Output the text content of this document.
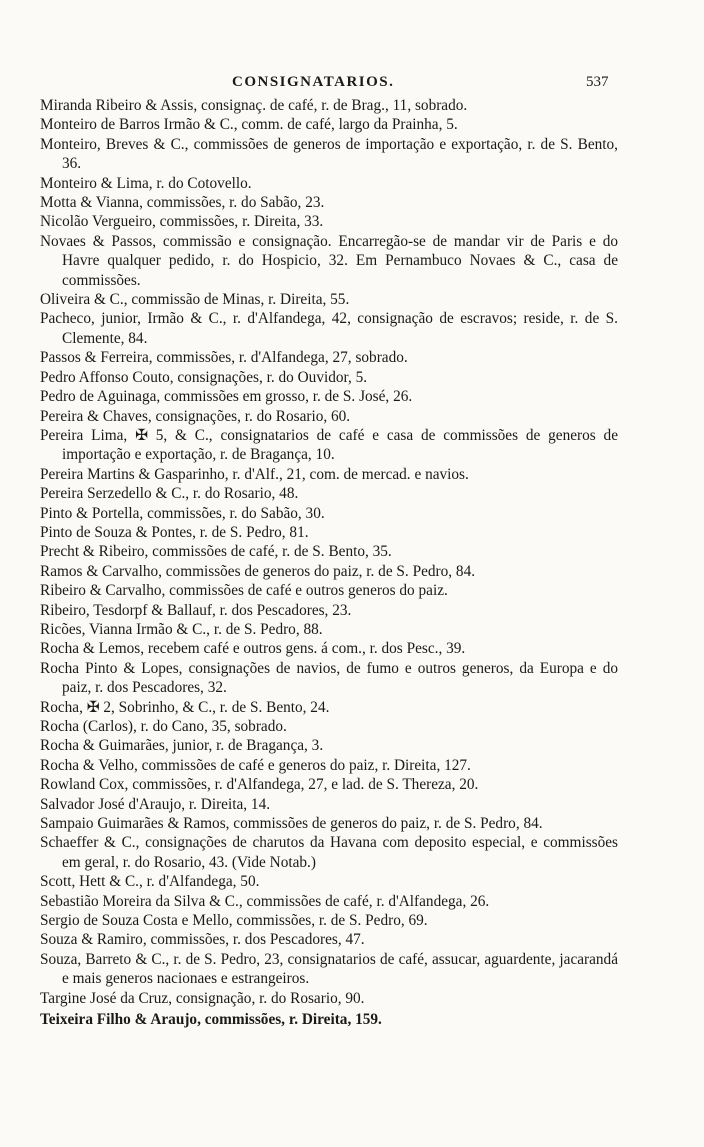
CONSIGNATARIOS.	537
Miranda Ribeiro & Assis, consignaç. de café, r. de Brag., 11, sobrado.
Monteiro de Barros Irmão & C., comm. de café, largo da Prainha, 5.
Monteiro, Breves & C., commissões de generos de importação e exportação, r. de S. Bento, 36.
Monteiro & Lima, r. do Cotovello.
Motta & Vianna, commissões, r. do Sabão, 23.
Nicolão Vergueiro, commissões, r. Direita, 33.
Novaes & Passos, commissão e consignação. Encarregão-se de mandar vir de Paris e do Havre qualquer pedido, r. do Hospicio, 32. Em Pernambuco Novaes & C., casa de commissões.
Oliveira & C., commissão de Minas, r. Direita, 55.
Pacheco, junior, Irmão & C., r. d'Alfandega, 42, consignação de escravos; reside, r. de S. Clemente, 84.
Passos & Ferreira, commissões, r. d'Alfandega, 27, sobrado.
Pedro Affonso Couto, consignações, r. do Ouvidor, 5.
Pedro de Aguinaga, commissões em grosso, r. de S. José, 26.
Pereira & Chaves, consignações, r. do Rosario, 60.
Pereira Lima, ✠ 5, & C., consignatarios de café e casa de commissões de generos de importação e exportação, r. de Bragança, 10.
Pereira Martins & Gasparinho, r. d'Alf., 21, com. de mercad. e navios.
Pereira Serzedello & C., r. do Rosario, 48.
Pinto & Portella, commissões, r. do Sabão, 30.
Pinto de Souza & Pontes, r. de S. Pedro, 81.
Precht & Ribeiro, commissões de café, r. de S. Bento, 35.
Ramos & Carvalho, commissões de generos do paiz, r. de S. Pedro, 84.
Ribeiro & Carvalho, commissões de café e outros generos do paiz.
Ribeiro, Tesdorpf & Ballauf, r. dos Pescadores, 23.
Ricões, Vianna Irmão & C., r. de S. Pedro, 88.
Rocha & Lemos, recebem café e outros gens. á com., r. dos Pesc., 39.
Rocha Pinto & Lopes, consignações de navios, de fumo e outros generos, da Europa e do paiz, r. dos Pescadores, 32.
Rocha, ✠ 2, Sobrinho, & C., r. de S. Bento, 24.
Rocha (Carlos), r. do Cano, 35, sobrado.
Rocha & Guimarães, junior, r. de Bragança, 3.
Rocha & Velho, commissões de café e generos do paiz, r. Direita, 127.
Rowland Cox, commissões, r. d'Alfandega, 27, e lad. de S. Thereza, 20.
Salvador José d'Araujo, r. Direita, 14.
Sampaio Guimarães & Ramos, commissões de generos do paiz, r. de S. Pedro, 84.
Schaeffer & C., consignações de charutos da Havana com deposito especial, e commissões em geral, r. do Rosario, 43. (Vide Notab.)
Scott, Hett & C., r. d'Alfandega, 50.
Sebastião Moreira da Silva & C., commissões de café, r. d'Alfandega, 26.
Sergio de Souza Costa e Mello, commissões, r. de S. Pedro, 69.
Souza & Ramiro, commissões, r. dos Pescadores, 47.
Souza, Barreto & C., r. de S. Pedro, 23, consignatarios de café, assucar, aguardente, jacarandá e mais generos nacionaes e estrangeiros.
Targine José da Cruz, consignação, r. do Rosario, 90.
Teixeira Filho & Araujo, commissões, r. Direita, 159.
